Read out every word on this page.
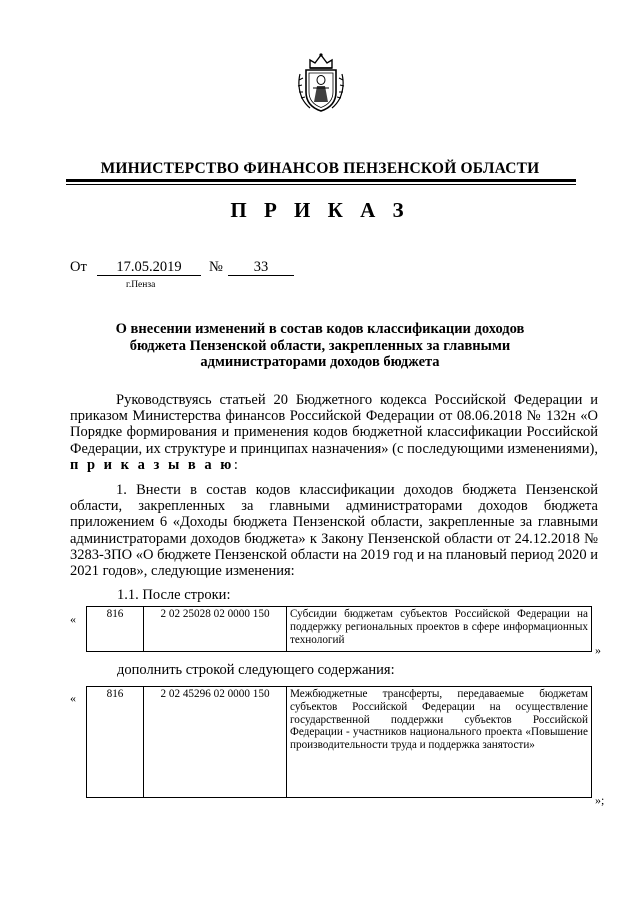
МИНИСТЕРСТВО ФИНАНСОВ ПЕНЗЕНСКОЙ ОБЛАСТИ
П Р И К А З
От	17.05.2019	№	33
г.Пенза
О внесении изменений в состав кодов классификации доходов бюджета Пензенской области, закрепленных за главными администраторами доходов бюджета
Руководствуясь статьей 20 Бюджетного кодекса Российской Федерации и приказом Министерства финансов Российской Федерации от 08.06.2018 № 132н «О Порядке формирования и применения кодов бюджетной классификации Российской Федерации, их структуре и принципах назначения» (с последующими изменениями), п р и к а з ы в а ю:
1. Внести в состав кодов классификации доходов бюджета Пензенской области, закрепленных за главными администраторами доходов бюджета приложением 6 «Доходы бюджета Пензенской области, закрепленные за главными администраторами доходов бюджета» к Закону Пензенской области от 24.12.2018 № 3283-ЗПО «О бюджете Пензенской области на 2019 год и на плановый период 2020 и 2021 годов», следующие изменения:
1.1. После строки:
«	816	2 02 25028 02 0000 150	Субсидии бюджетам субъектов Российской Федерации на поддержку региональных проектов в сфере информационных технологий
»
дополнить строкой следующего содержания:
«	816	2 02 45296 02 0000 150	Межбюджетные трансферты, передаваемые бюджетам субъектов Российской Федерации на осуществление государственной поддержки субъектов Российской Федерации - участников национального проекта «Повышение производительности труда и поддержка занятости»
»;
